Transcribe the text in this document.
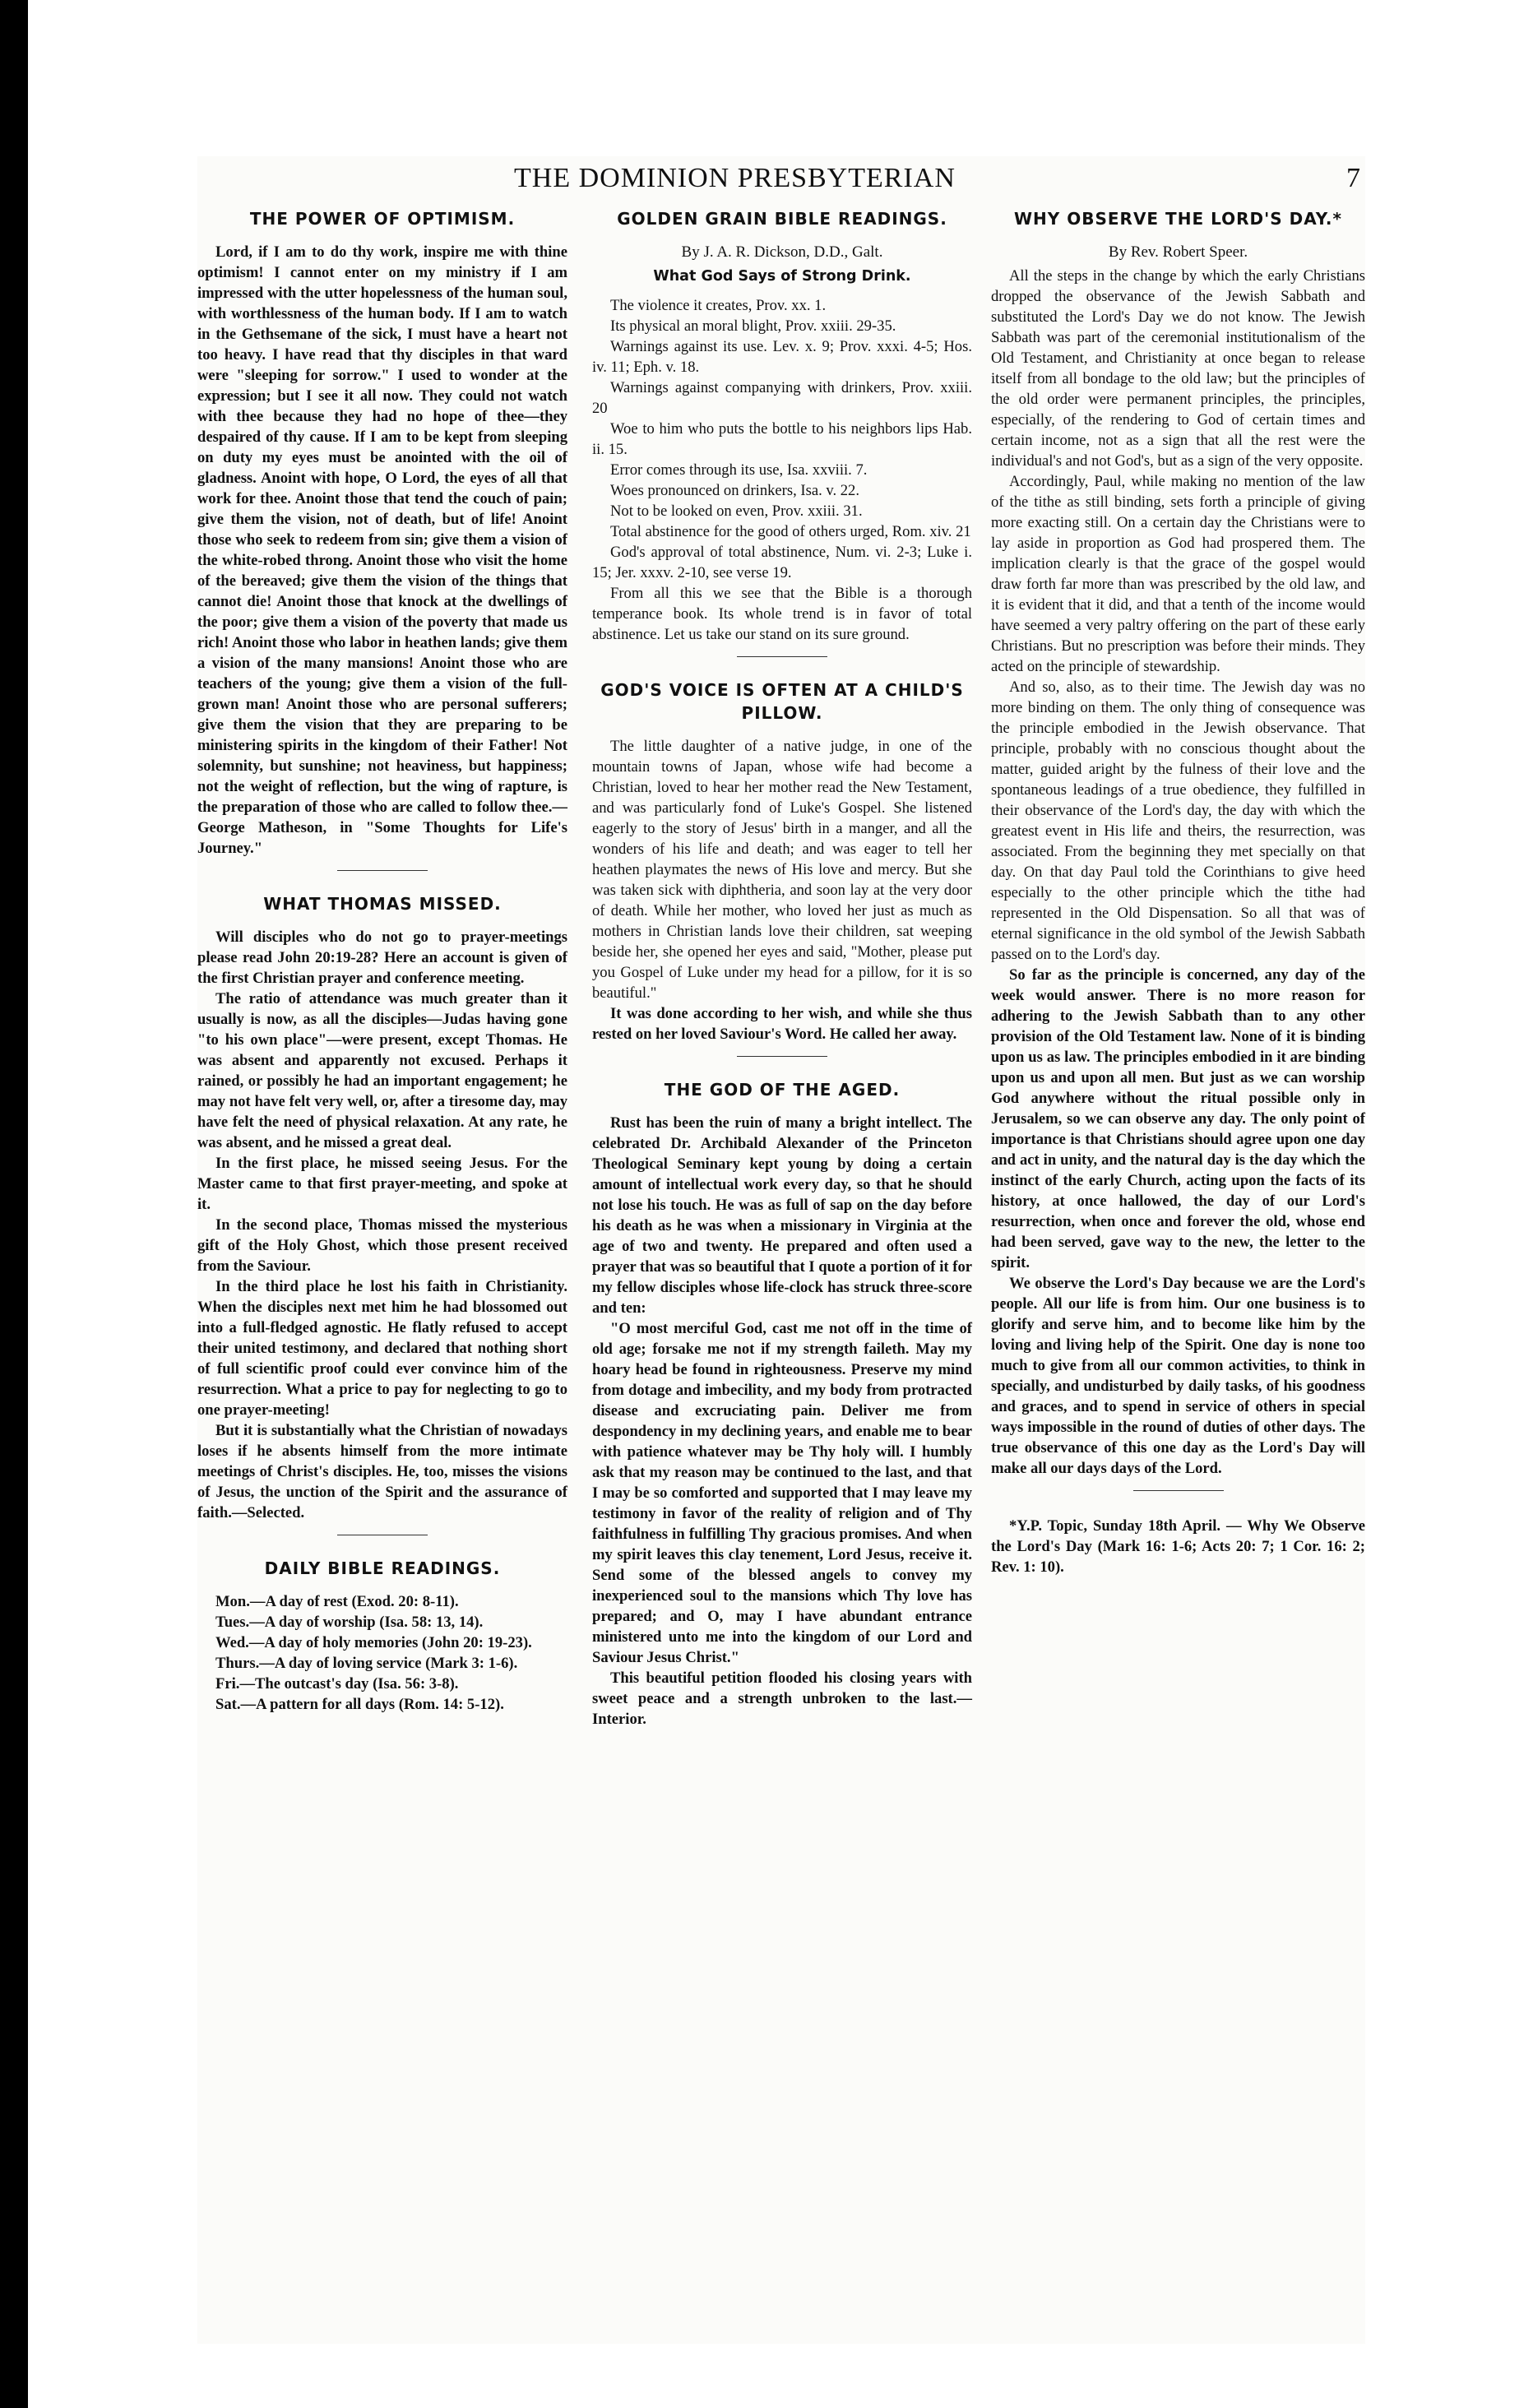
THE DOMINION PRESBYTERIAN	7
THE POWER OF OPTIMISM.

Lord, if I am to do thy work, inspire me with thine optimism! I cannot enter on my ministry if I am impressed with the utter hopelessness of the human soul, with worthlessness of the human body. If I am to watch in the Gethsemane of the sick, I must have a heart not too heavy. I have read that thy disciples in that ward were "sleeping for sorrow." I used to wonder at the expression; but I see it all now. They could not watch with thee because they had no hope of thee—they despaired of thy cause. If I am to be kept from sleeping on duty my eyes must be anointed with the oil of gladness. Anoint with hope, O Lord, the eyes of all that work for thee. Anoint those that tend the couch of pain; give them the vision, not of death, but of life! Anoint those who seek to redeem from sin; give them a vision of the white-robed throng. Anoint those who visit the home of the bereaved; give them the vision of the things that cannot die! Anoint those that knock at the dwellings of the poor; give them a vision of the poverty that made us rich! Anoint those who labor in heathen lands; give them a vision of the many mansions! Anoint those who are teachers of the young; give them a vision of the full-grown man! Anoint those who are personal sufferers; give them the vision that they are preparing to be ministering spirits in the kingdom of their Father! Not solemnity, but sunshine; not heaviness, but happiness; not the weight of reflection, but the wing of rapture, is the preparation of those who are called to follow thee.—George Matheson, in "Some Thoughts for Life's Journey."

WHAT THOMAS MISSED.

Will disciples who do not go to prayer-meetings please read John 20:19-28? Here an account is given of the first Christian prayer and conference meeting.

The ratio of attendance was much greater than it usually is now, as all the disciples—Judas having gone "to his own place"—were present, except Thomas. He was absent and apparently not excused. Perhaps it rained, or possibly he had an important engagement; he may not have felt very well, or, after a tiresome day, may have felt the need of physical relaxation. At any rate, he was absent, and he missed a great deal.

In the first place, he missed seeing Jesus. For the Master came to that first prayer-meeting, and spoke at it.

In the second place, Thomas missed the mysterious gift of the Holy Ghost, which those present received from the Saviour.

In the third place he lost his faith in Christianity. When the disciples next met him he had blossomed out into a full-fledged agnostic. He flatly refused to accept their united testimony, and declared that nothing short of full scientific proof could ever convince him of the resurrection. What a price to pay for neglecting to go to one prayer-meeting!

But it is substantially what the Christian of nowadays loses if he absents himself from the more intimate meetings of Christ's disciples. He, too, misses the visions of Jesus, the unction of the Spirit and the assurance of faith.—Selected.

DAILY BIBLE READINGS.

Mon.—A day of rest (Exod. 20: 8-11).

Tues.—A day of worship (Isa. 58: 13, 14).

Wed.—A day of holy memories (John 20: 19-23).

Thurs.—A day of loving service (Mark 3: 1-6).

Fri.—The outcast's day (Isa. 56: 3-8).

Sat.—A pattern for all days (Rom. 14: 5-12).

GOLDEN GRAIN BIBLE READINGS.
By J. A. R. Dickson, D.D., Galt.
What God Says of Strong Drink.

The violence it creates, Prov. xx. 1.

Its physical an moral blight, Prov. xxiii. 29-35.

Warnings against its use. Lev. x. 9; Prov. xxxi. 4-5; Hos. iv. 11; Eph. v. 18.

Warnings against companying with drinkers, Prov. xxiii. 20

Woe to him who puts the bottle to his neighbors lips Hab. ii. 15.

Error comes through its use, Isa. xxviii. 7.

Woes pronounced on drinkers, Isa. v. 22.

Not to be looked on even, Prov. xxiii. 31.

Total abstinence for the good of others urged, Rom. xiv. 21

God's approval of total abstinence, Num. vi. 2-3; Luke i. 15; Jer. xxxv. 2-10, see verse 19.

From all this we see that the Bible is a thorough temperance book. Its whole trend is in favor of total abstinence. Let us take our stand on its sure ground.

GOD'S VOICE IS OFTEN AT A CHILD'S PILLOW.

The little daughter of a native judge, in one of the mountain towns of Japan, whose wife had become a Christian, loved to hear her mother read the New Testament, and was particularly fond of Luke's Gospel. She listened eagerly to the story of Jesus' birth in a manger, and all the wonders of his life and death; and was eager to tell her heathen playmates the news of His love and mercy. But she was taken sick with diphtheria, and soon lay at the very door of death. While her mother, who loved her just as much as mothers in Christian lands love their children, sat weeping beside her, she opened her eyes and said, "Mother, please put you Gospel of Luke under my head for a pillow, for it is so beautiful."

It was done according to her wish, and while she thus rested on her loved Saviour's Word. He called her away.

THE GOD OF THE AGED.

Rust has been the ruin of many a bright intellect. The celebrated Dr. Archibald Alexander of the Princeton Theological Seminary kept young by doing a certain amount of intellectual work every day, so that he should not lose his touch. He was as full of sap on the day before his death as he was when a missionary in Virginia at the age of two and twenty. He prepared and often used a prayer that was so beautiful that I quote a portion of it for my fellow disciples whose life-clock has struck three-score and ten:

"O most merciful God, cast me not off in the time of old age; forsake me not if my strength faileth. May my hoary head be found in righteousness. Preserve my mind from dotage and imbecility, and my body from protracted disease and excruciating pain. Deliver me from despondency in my declining years, and enable me to bear with patience whatever may be Thy holy will. I humbly ask that my reason may be continued to the last, and that I may be so comforted and supported that I may leave my testimony in favor of the reality of religion and of Thy faithfulness in fulfilling Thy gracious promises. And when my spirit leaves this clay tenement, Lord Jesus, receive it. Send some of the blessed angels to convey my inexperienced soul to the mansions which Thy love has prepared; and O, may I have abundant entrance ministered unto me into the kingdom of our Lord and Saviour Jesus Christ."

This beautiful petition flooded his closing years with sweet peace and a strength unbroken to the last.—Interior.

WHY OBSERVE THE LORD'S DAY.*
By Rev. Robert Speer.

All the steps in the change by which the early Christians dropped the observance of the Jewish Sabbath and substituted the Lord's Day we do not know. The Jewish Sabbath was part of the ceremonial institutionalism of the Old Testament, and Christianity at once began to release itself from all bondage to the old law; but the principles of the old order were permanent principles, the principles, especially, of the rendering to God of certain times and certain income, not as a sign that all the rest were the individual's and not God's, but as a sign of the very opposite.

Accordingly, Paul, while making no mention of the law of the tithe as still binding, sets forth a principle of giving more exacting still. On a certain day the Christians were to lay aside in proportion as God had prospered them. The implication clearly is that the grace of the gospel would draw forth far more than was prescribed by the old law, and it is evident that it did, and that a tenth of the income would have seemed a very paltry offering on the part of these early Christians. But no prescription was before their minds. They acted on the principle of stewardship.

And so, also, as to their time. The Jewish day was no more binding on them. The only thing of consequence was the principle embodied in the Jewish observance. That principle, probably with no conscious thought about the matter, guided aright by the fulness of their love and the spontaneous leadings of a true obedience, they fulfilled in their observance of the Lord's day, the day with which the greatest event in His life and theirs, the resurrection, was associated. From the beginning they met specially on that day. On that day Paul told the Corinthians to give heed especially to the other principle which the tithe had represented in the Old Dispensation. So all that was of eternal significance in the old symbol of the Jewish Sabbath passed on to the Lord's day.

So far as the principle is concerned, any day of the week would answer. There is no more reason for adhering to the Jewish Sabbath than to any other provision of the Old Testament law. None of it is binding upon us as law. The principles embodied in it are binding upon us and upon all men. But just as we can worship God anywhere without the ritual possible only in Jerusalem, so we can observe any day. The only point of importance is that Christians should agree upon one day and act in unity, and the natural day is the day which the instinct of the early Church, acting upon the facts of its history, at once hallowed, the day of our Lord's resurrection, when once and forever the old, whose end had been served, gave way to the new, the letter to the spirit.

We observe the Lord's Day because we are the Lord's people. All our life is from him. Our one business is to glorify and serve him, and to become like him by the loving and living help of the Spirit. One day is none too much to give from all our common activities, to think in specially, and undisturbed by daily tasks, of his goodness and graces, and to spend in service of others in special ways impossible in the round of duties of other days. The true observance of this one day as the Lord's Day will make all our days days of the Lord.

*Y.P. Topic, Sunday 18th April. — Why We Observe the Lord's Day (Mark 16: 1-6; Acts 20: 7; 1 Cor. 16: 2; Rev. 1: 10).
